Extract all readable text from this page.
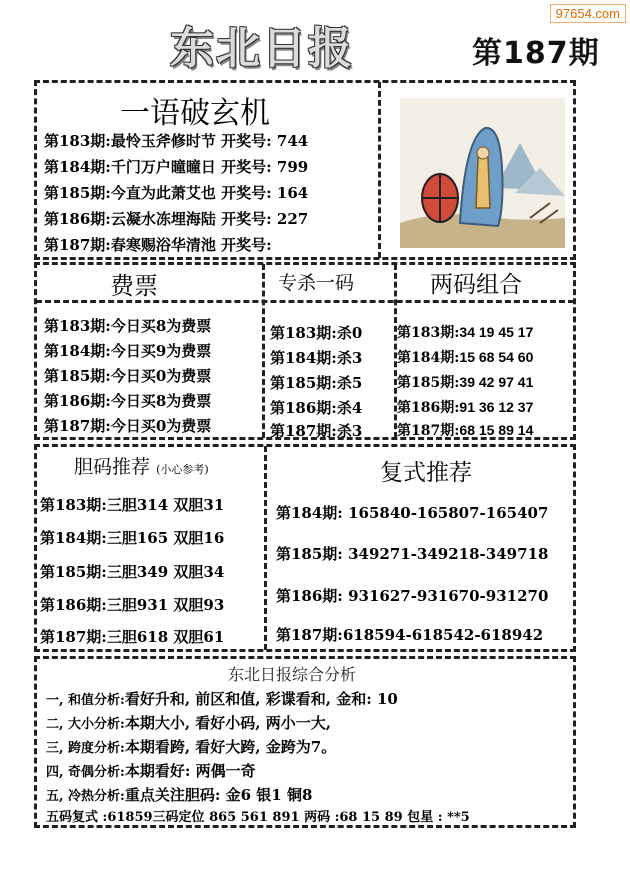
97654.com
东北日报	第187期
一语破玄机
第183期:最怜玉斧修时节 开奖号: 744
第184期:千门万户曈曈日 开奖号: 799
第185期:今直为此萧艾也 开奖号: 164
第186期:云凝水冻埋海陆 开奖号: 227
第187期:春寒赐浴华清池 开奖号:
费票
第183期:今日买8为费票
第184期:今日买9为费票
第185期:今日买0为费票
第186期:今日买8为费票
第187期:今日买0为费票
专杀一码
第183期:杀0
第184期:杀3
第185期:杀5
第186期:杀4
第187期:杀3
两码组合
第183期:34 19 45 17
第184期:15 68 54 60
第185期:39 42 97 41
第186期:91 36 12 37
第187期:68 15 89 14
胆码推荐 (小心参考)
第183期:三胆314 双胆31
第184期:三胆165 双胆16
第185期:三胆349 双胆34
第186期:三胆931 双胆93
第187期:三胆618 双胆61
复式推荐
第184期: 165840-165807-165407
第185期: 349271-349218-349718
第186期: 931627-931670-931270
第187期:618594-618542-618942
东北日报综合分析
一, 和值分析:看好升和, 前区和值, 彩谍看和, 金和: 10
二, 大小分析:本期大小, 看好小码, 两小一大,
三, 跨度分析:本期看跨, 看好大跨, 金跨为7。
四, 奇偶分析:本期看好: 两偶一奇
五, 冷热分析:重点关注胆码: 金6 银1 铜8
五码复式 :61859三码定位 865 561 891 两码 :68 15 89 包星 : **5
